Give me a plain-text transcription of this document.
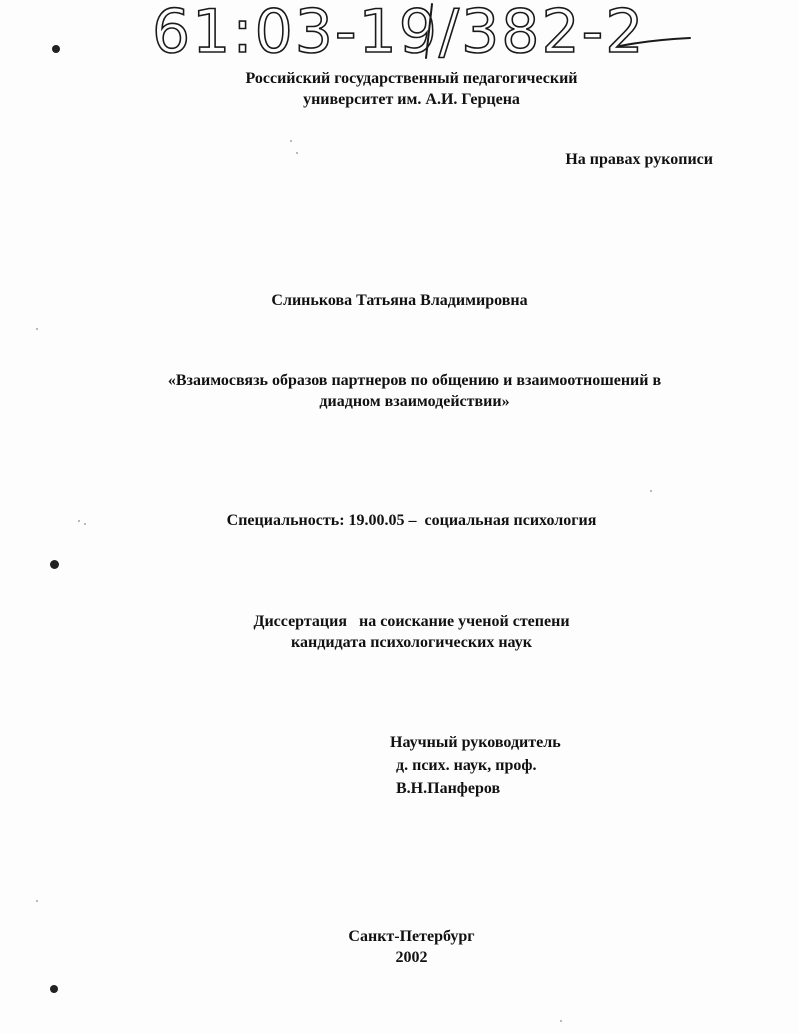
61:03-19/382-2
Российский государственный педагогический
университет им. А.И. Герцена
На правах рукописи
Слинькова Татьяна Владимировна
«Взаимосвязь образов партнеров по общению и взаимоотношений в
диадном взаимодействии»
Специальность: 19.00.05 –  социальная психология
Диссертация   на соискание ученой степени
кандидата психологических наук
Научный руководитель
д. псих. наук, проф.
В.Н.Панферов
Санкт-Петербург
2002
